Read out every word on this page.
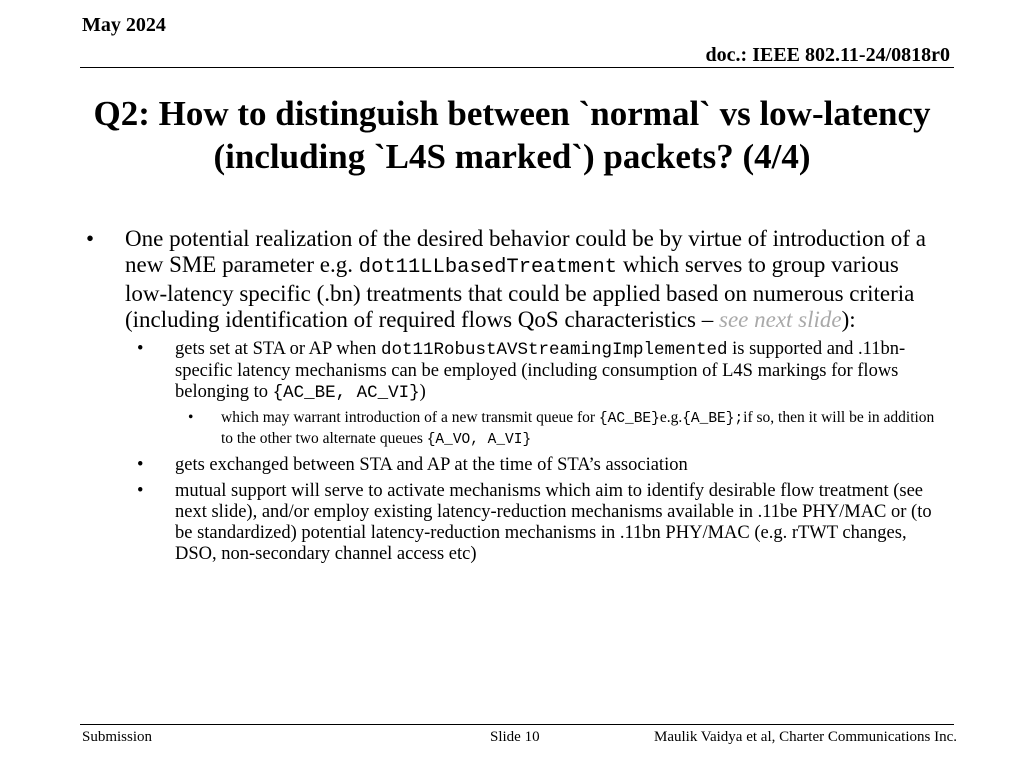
May 2024
doc.: IEEE 802.11-24/0818r0
Q2: How to distinguish between `normal` vs low-latency (including `L4S marked`) packets? (4/4)
• One potential realization of the desired behavior could be by virtue of introduction of a new SME parameter e.g. dot11LLbasedTreatment which serves to group various low-latency specific (.bn) treatments that could be applied based on numerous criteria (including identification of required flows QoS characteristics – see next slide):
• gets set at STA or AP when dot11RobustAVStreamingImplemented is supported and .11bn-specific latency mechanisms can be employed (including consumption of L4S markings for flows belonging to {AC_BE, AC_VI})
• which may warrant introduction of a new transmit queue for {AC_BE}e.g.{A_BE};if so, then it will be in addition to the other two alternate queues {A_VO, A_VI}
• gets exchanged between STA and AP at the time of STA’s association
• mutual support will serve to activate mechanisms which aim to identify desirable flow treatment (see next slide), and/or employ existing latency-reduction mechanisms available in .11be PHY/MAC or (to be standardized) potential latency-reduction mechanisms in .11bn PHY/MAC (e.g. rTWT changes, DSO, non-secondary channel access etc)
Submission	Slide 10	Maulik Vaidya et al, Charter Communications Inc.
